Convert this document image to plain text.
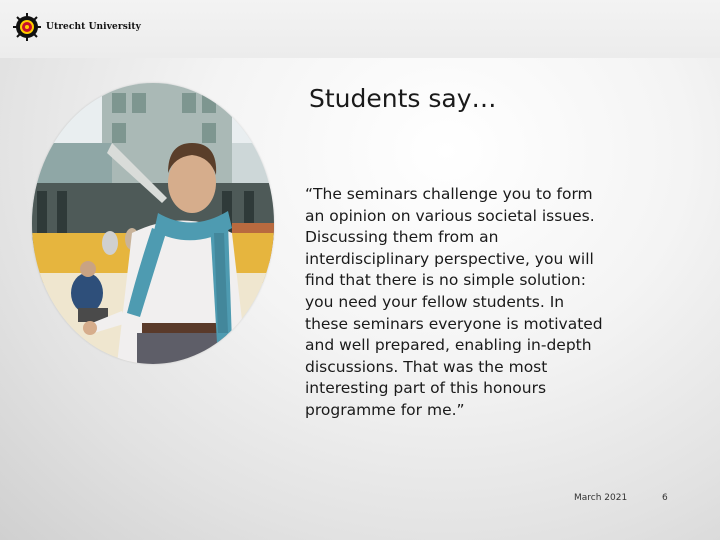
Utrecht University
Students say…

“The seminars challenge you to form
an opinion on various societal issues.
Discussing them from an
interdisciplinary perspective, you will
find that there is no simple solution:
you need your fellow students. In
these seminars everyone is motivated
and well prepared, enabling in-depth
discussions. That was the most
interesting part of this honours
programme for me.”

March 2021	6
